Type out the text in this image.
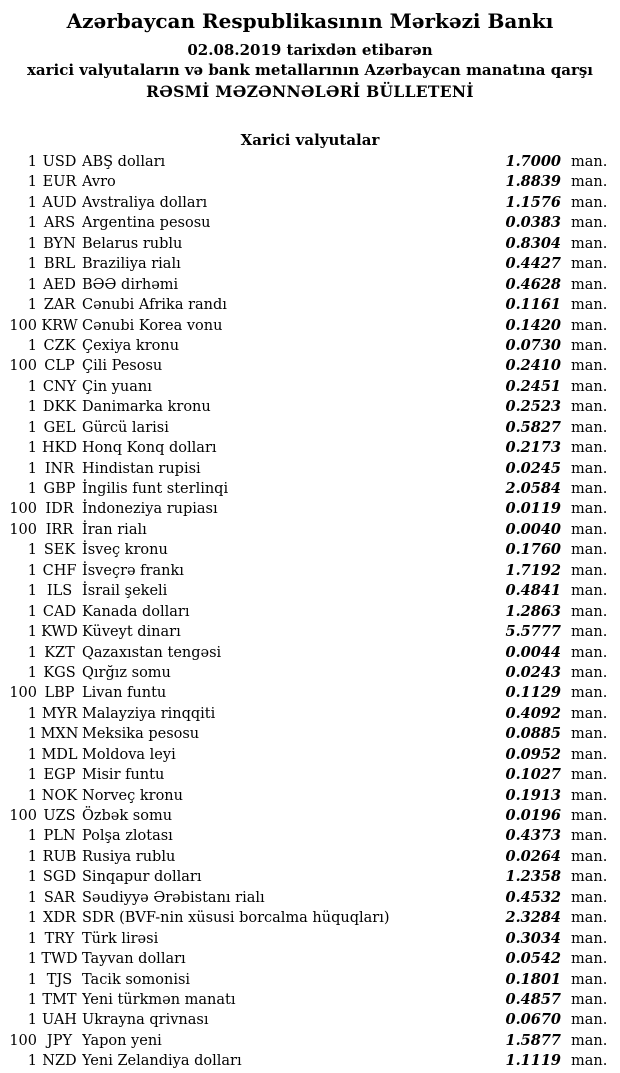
Azərbaycan Respublikasının Mərkəzi Bankı
02.08.2019 tarixdən etibarən
xarici valyutaların və bank metallarının Azərbaycan manatına qarşı
RƏSMİ MƏZƏNNƏLƏRİ BÜLLETENİ
Xarici valyutalar
1 USD ABŞ dolları	1.7000 man.
1 EUR Avro	1.8839 man.
1 AUD Avstraliya dolları	1.1576 man.
1 ARS Argentina pesosu	0.0383 man.
1 BYN Belarus rublu	0.8304 man.
1 BRL Braziliya rialı	0.4427 man.
1 AED BƏƏ dirhəmi	0.4628 man.
1 ZAR Cənubi Afrika randı	0.1161 man.
100 KRW Cənubi Korea vonu	0.1420 man.
1 CZK Çexiya kronu	0.0730 man.
100 CLP Çili Pesosu	0.2410 man.
1 CNY Çin yuanı	0.2451 man.
1 DKK Danimarka kronu	0.2523 man.
1 GEL Gürcü larisi	0.5827 man.
1 HKD Honq Konq dolları	0.2173 man.
1 INR Hindistan rupisi	0.0245 man.
1 GBP İngilis funt sterlinqi	2.0584 man.
100 IDR İndoneziya rupiası	0.0119 man.
100 IRR İran rialı	0.0040 man.
1 SEK İsveç kronu	0.1760 man.
1 CHF İsveçrə frankı	1.7192 man.
1 ILS İsrail şekeli	0.4841 man.
1 CAD Kanada dolları	1.2863 man.
1 KWD Küveyt dinarı	5.5777 man.
1 KZT Qazaxıstan tengəsi	0.0044 man.
1 KGS Qırğız somu	0.0243 man.
100 LBP Livan funtu	0.1129 man.
1 MYR Malayziya rinqqiti	0.4092 man.
1 MXN Meksika pesosu	0.0885 man.
1 MDL Moldova leyi	0.0952 man.
1 EGP Misir funtu	0.1027 man.
1 NOK Norveç kronu	0.1913 man.
100 UZS Özbək somu	0.0196 man.
1 PLN Polşa zlotası	0.4373 man.
1 RUB Rusiya rublu	0.0264 man.
1 SGD Sinqapur dolları	1.2358 man.
1 SAR Səudiyyə Ərəbistanı rialı	0.4532 man.
1 XDR SDR (BVF-nin xüsusi borcalma hüquqları)	2.3284 man.
1 TRY Türk lirəsi	0.3034 man.
1 TWD Tayvan dolları	0.0542 man.
1 TJS Tacik somonisi	0.1801 man.
1 TMT Yeni türkmən manatı	0.4857 man.
1 UAH Ukrayna qrivnası	0.0670 man.
100 JPY Yapon yeni	1.5877 man.
1 NZD Yeni Zelandiya dolları	1.1119 man.
